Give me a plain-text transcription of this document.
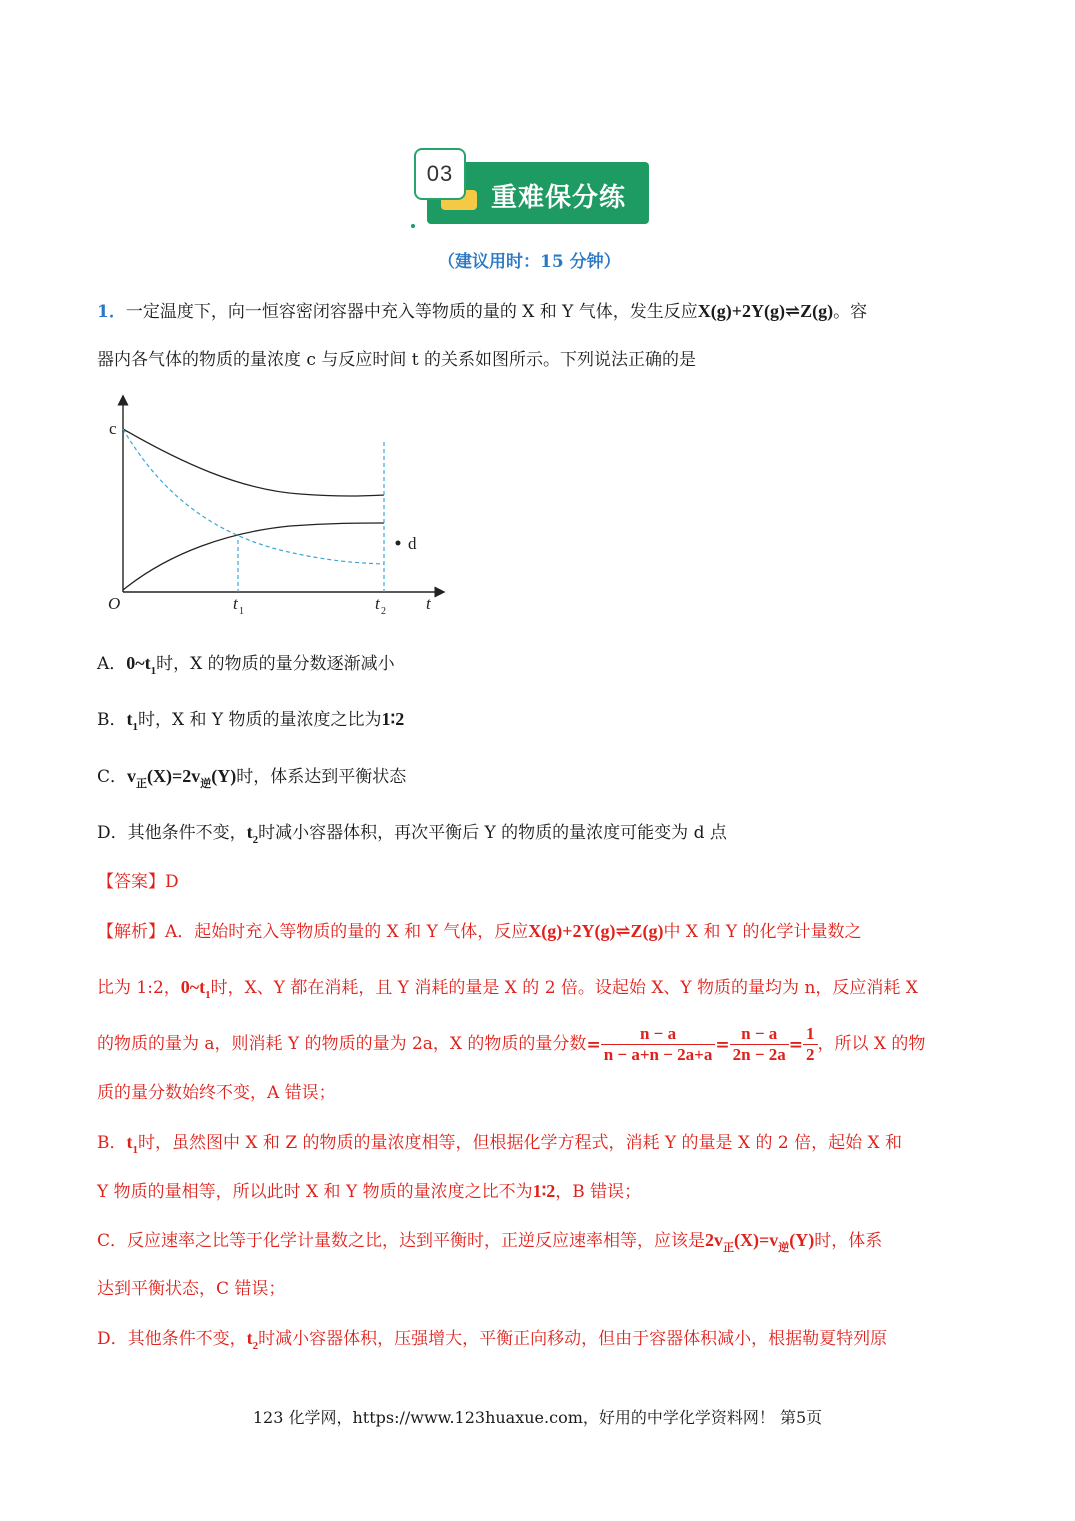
03
重难保分练
（建议用时：15 分钟）
1．一定温度下，向一恒容密闭容器中充入等物质的量的 X 和 Y 气体，发生反应X(g)+2Y(g)⇌Z(g)。容
器内各气体的物质的量浓度 c 与反应时间 t 的关系如图所示。下列说法正确的是
d
c
O	t 1	t 2 t
A．$0\sim t_1$时，X 的物质的量分数逐渐减小
B．$t_1$时，X 和 Y 物质的量浓度之比为1∶2
C．$v_正(X)=2v_逆(Y)$时，体系达到平衡状态
D．其他条件不变，$t_2$时减小容器体积，再次平衡后 Y 的物质的量浓度可能变为 d 点
【答案】D
【解析】A．起始时充入等物质的量的 X 和 Y 气体，反应X(g)+2Y(g)⇌Z(g)中 X 和 Y 的化学计量数之
比为 1:2，$0\sim t_1$时，X、Y 都在消耗，且 Y 消耗的量是 X 的 2 倍。设起始 X、Y 物质的量均为 n，反应消耗 X
的物质的量为 a，则消耗 Y 的物质的量为 2a，X 的物质的量分数= $\frac{n - a}{n - a+n - 2a+a} = \frac{n - a}{2n - 2a} = \frac{1}{2}$ ，所以 X 的物
质的量分数始终不变，A 错误；
B．$t_1$时，虽然图中 X 和 Z 的物质的量浓度相等，但根据化学方程式，消耗 Y 的量是 X 的 2 倍，起始 X 和
Y 物质的量相等，所以此时 X 和 Y 物质的量浓度之比不为1∶2，B 错误；
C．反应速率之比等于化学计量数之比，达到平衡时，正逆反应速率相等，应该是$2v_正(X)=v_逆(Y)$时，体系
达到平衡状态，C 错误；
D．其他条件不变，$t_2$时减小容器体积，压强增大，平衡正向移动，但由于容器体积减小，根据勒夏特列原
123 化学网，https://www.123huaxue.com，好用的中学化学资料网！ 第5页
